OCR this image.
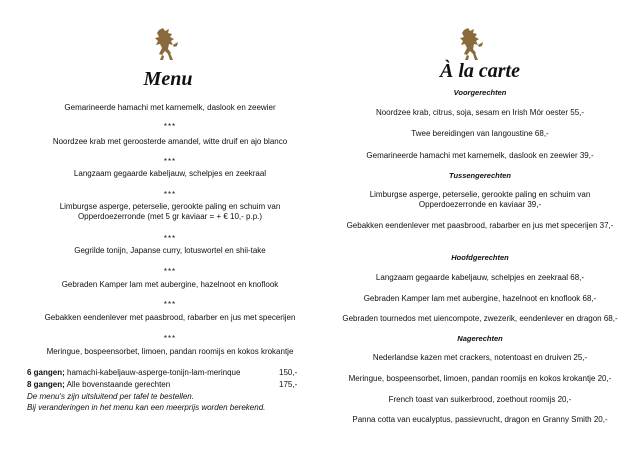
Menu
Gemarineerde hamachi met karnemelk, daslook en zeewier
***
Noordzee krab met geroosterde amandel, witte druif en ajo blanco
***
Langzaam gegaarde kabeljauw, schelpjes en zeekraal
***
Limburgse asperge, peterselie, gerookte paling en schuim van
Opperdoezerronde (met 5 gr kaviaar = + € 10,- p.p.)
***
Gegrilde tonijn, Japanse curry, lotuswortel en shii-take
***
Gebraden Kamper lam met aubergine, hazelnoot en knoflook
***
Gebakken eendenlever met paasbrood, rabarber en jus met specerijen
***
Meringue, bospeensorbet, limoen, pandan roomijs en kokos krokantje
6 gangen; hamachi-kabeljauw-asperge-tonijn-lam-merinque	150,-
8 gangen; Alle bovenstaande gerechten	175,-
De menu's zijn uitsluitend per tafel te bestellen.
Bij veranderingen in het menu kan een meerprijs worden berekend.
À la carte
Voorgerechten
Noordzee krab, citrus, soja, sesam en Irish Mór oester 55,-
Twee bereidingen van langoustine 68,-
Gemarineerde hamachi met karnemelk, daslook en zeewier 39,-
Tussengerechten
Limburgse asperge, peterselie, gerookte paling en schuim van
Opperdoezerronde en kaviaar 39,-
Gebakken eendenlever met paasbrood, rabarber en jus met specerijen 37,-
Hoofdgerechten
Langzaam gegaarde kabeljauw, schelpjes en zeekraal 68,-
Gebraden Kamper lam met aubergine, hazelnoot en knoflook 68,-
Gebraden tournedos met uiencompote, zwezerik, eendenlever en dragon 68,-
Nagerechten
Nederlandse kazen met crackers, notentoast en druiven 25,-
Meringue, bospeensorbet, limoen, pandan roomijs en kokos krokantje 20,-
French toast van suikerbrood, zoethout roomijs 20,-
Panna cotta van eucalyptus, passievrucht, dragon en Granny Smith 20,-
